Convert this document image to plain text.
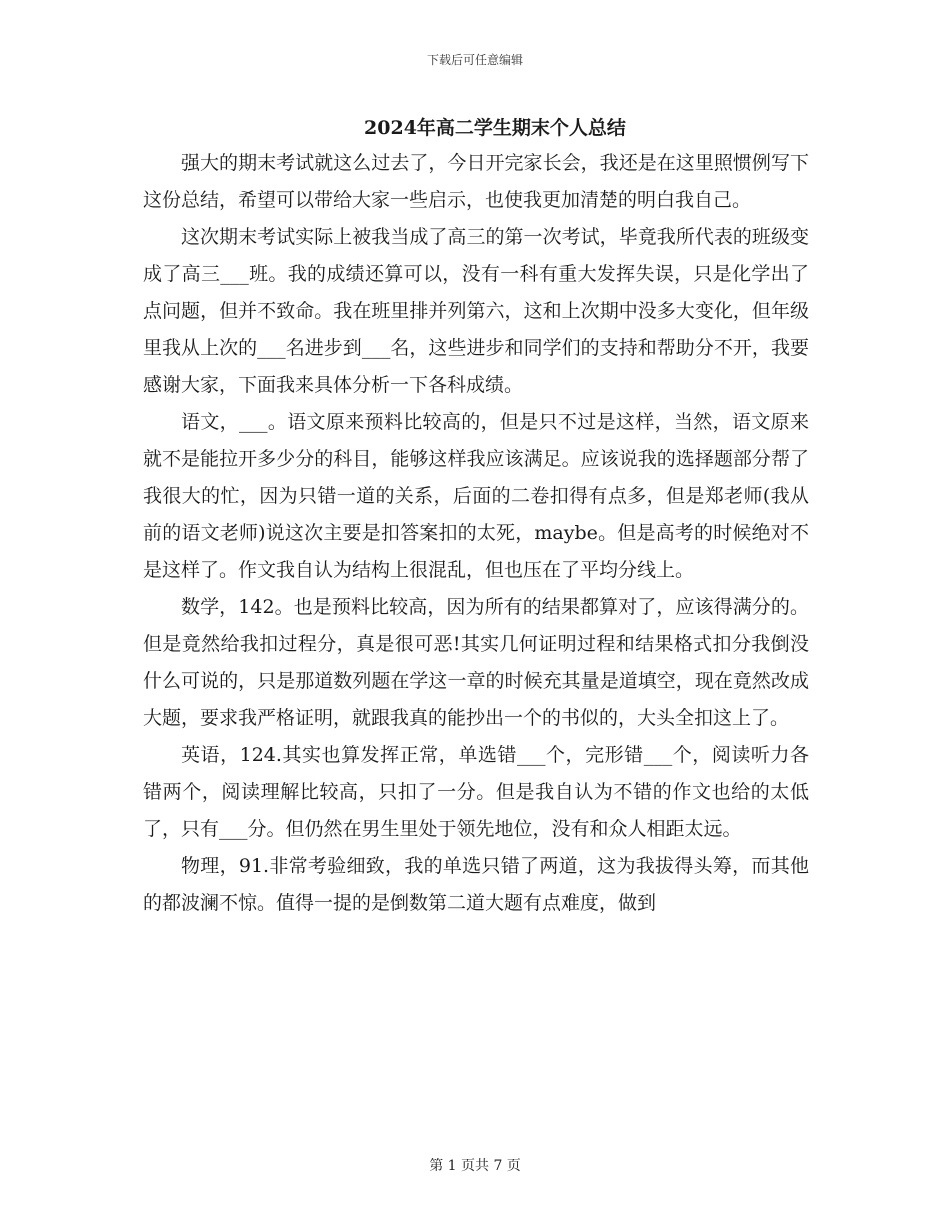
下载后可任意编辑
2024年高二学生期末个人总结

强大的期末考试就这么过去了，今日开完家长会，我还是在这里照惯例写下这份总结，希望可以带给大家一些启示，也使我更加清楚的明白我自己。

这次期末考试实际上被我当成了高三的第一次考试，毕竟我所代表的班级变成了高三___班。我的成绩还算可以，没有一科有重大发挥失误，只是化学出了点问题，但并不致命。我在班里排并列第六，这和上次期中没多大变化，但年级里我从上次的___名进步到___名，这些进步和同学们的支持和帮助分不开，我要感谢大家，下面我来具体分析一下各科成绩。

语文，___。语文原来预料比较高的，但是只不过是这样，当然，语文原来就不是能拉开多少分的科目，能够这样我应该满足。应该说我的选择题部分帮了我很大的忙，因为只错一道的关系，后面的二卷扣得有点多，但是郑老师(我从前的语文老师)说这次主要是扣答案扣的太死，maybe。但是高考的时候绝对不是这样了。作文我自认为结构上很混乱，但也压在了平均分线上。

数学，142。也是预料比较高，因为所有的结果都算对了，应该得满分的。但是竟然给我扣过程分，真是很可恶!其实几何证明过程和结果格式扣分我倒没什么可说的，只是那道数列题在学这一章的时候充其量是道填空，现在竟然改成大题，要求我严格证明，就跟我真的能抄出一个的书似的，大头全扣这上了。

英语，124.其实也算发挥正常，单选错___个，完形错___个，阅读听力各错两个，阅读理解比较高，只扣了一分。但是我自认为不错的作文也给的太低了，只有___分。但仍然在男生里处于领先地位，没有和众人相距太远。

物理，91.非常考验细致，我的单选只错了两道，这为我拔得头筹，而其他的都波澜不惊。值得一提的是倒数第二道大题有点难度，做到

第 1 页共 7 页
